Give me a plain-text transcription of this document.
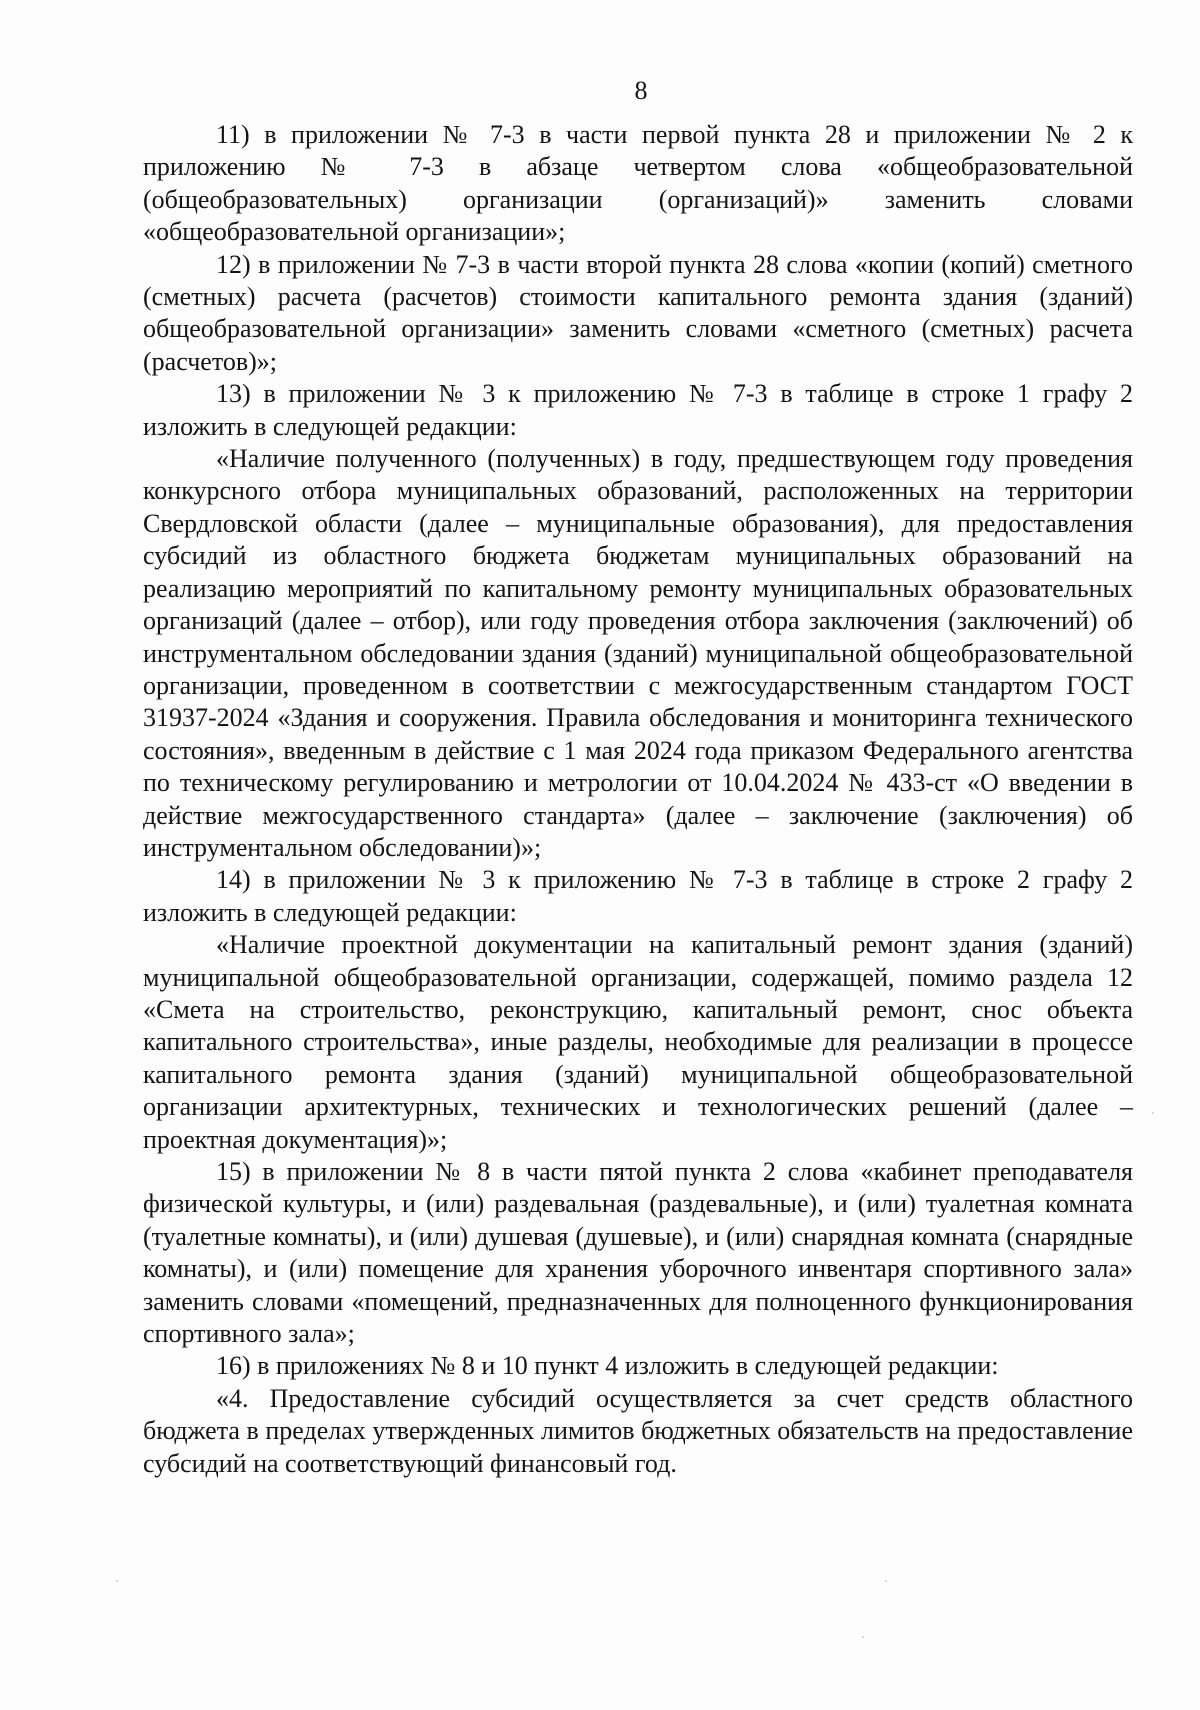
8

11) в приложении № 7-3 в части первой пункта 28 и приложении № 2 к приложению № 7-3 в абзаце четвертом слова «общеобразовательной (общеобразовательных) организации (организаций)» заменить словами «общеобразовательной организации»;

12) в приложении № 7-3 в части второй пункта 28 слова «копии (копий) сметного (сметных) расчета (расчетов) стоимости капитального ремонта здания (зданий) общеобразовательной организации» заменить словами «сметного (сметных) расчета (расчетов)»;

13) в приложении № 3 к приложению № 7-3 в таблице в строке 1 графу 2 изложить в следующей редакции:

«Наличие полученного (полученных) в году, предшествующем году проведения конкурсного отбора муниципальных образований, расположенных на территории Свердловской области (далее – муниципальные образования), для предоставления субсидий из областного бюджета бюджетам муниципальных образований на реализацию мероприятий по капитальному ремонту муниципальных образовательных организаций (далее – отбор), или году проведения отбора заключения (заключений) об инструментальном обследовании здания (зданий) муниципальной общеобразовательной организации, проведенном в соответствии с межгосударственным стандартом ГОСТ 31937-2024 «Здания и сооружения. Правила обследования и мониторинга технического состояния», введенным в действие с 1 мая 2024 года приказом Федерального агентства по техническому регулированию и метрологии от 10.04.2024 № 433-ст «О введении в действие межгосударственного стандарта» (далее – заключение (заключения) об инструментальном обследовании)»;

14) в приложении № 3 к приложению № 7-3 в таблице в строке 2 графу 2 изложить в следующей редакции:

«Наличие проектной документации на капитальный ремонт здания (зданий) муниципальной общеобразовательной организации, содержащей, помимо раздела 12 «Смета на строительство, реконструкцию, капитальный ремонт, снос объекта капитального строительства», иные разделы, необходимые для реализации в процессе капитального ремонта здания (зданий) муниципальной общеобразовательной организации архитектурных, технических и технологических решений (далее – проектная документация)»;

15) в приложении № 8 в части пятой пункта 2 слова «кабинет преподавателя физической культуры, и (или) раздевальная (раздевальные), и (или) туалетная комната (туалетные комнаты), и (или) душевая (душевые), и (или) снарядная комната (снарядные комнаты), и (или) помещение для хранения уборочного инвентаря спортивного зала» заменить словами «помещений, предназначенных для полноценного функционирования спортивного зала»;

16) в приложениях № 8 и 10 пункт 4 изложить в следующей редакции:

«4. Предоставление субсидий осуществляется за счет средств областного бюджета в пределах утвержденных лимитов бюджетных обязательств на предоставление субсидий на соответствующий финансовый год.
